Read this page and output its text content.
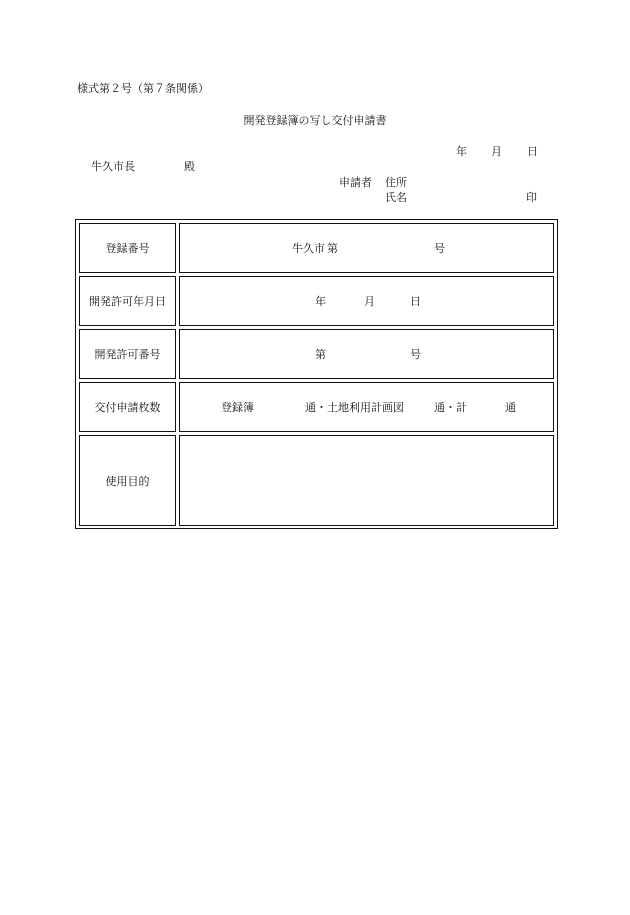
様式第２号（第７条関係）
開発登録簿の写し交付申請書
年 月 日
牛久市長	殿
申請者 住所
氏名	印
登録番号	牛久市 第	号
開発許可年月日	年	月	日
開発許可番号	第	号
交付申請枚数	登録簿	通・土地利用計画図	通・計	通
使用目的
